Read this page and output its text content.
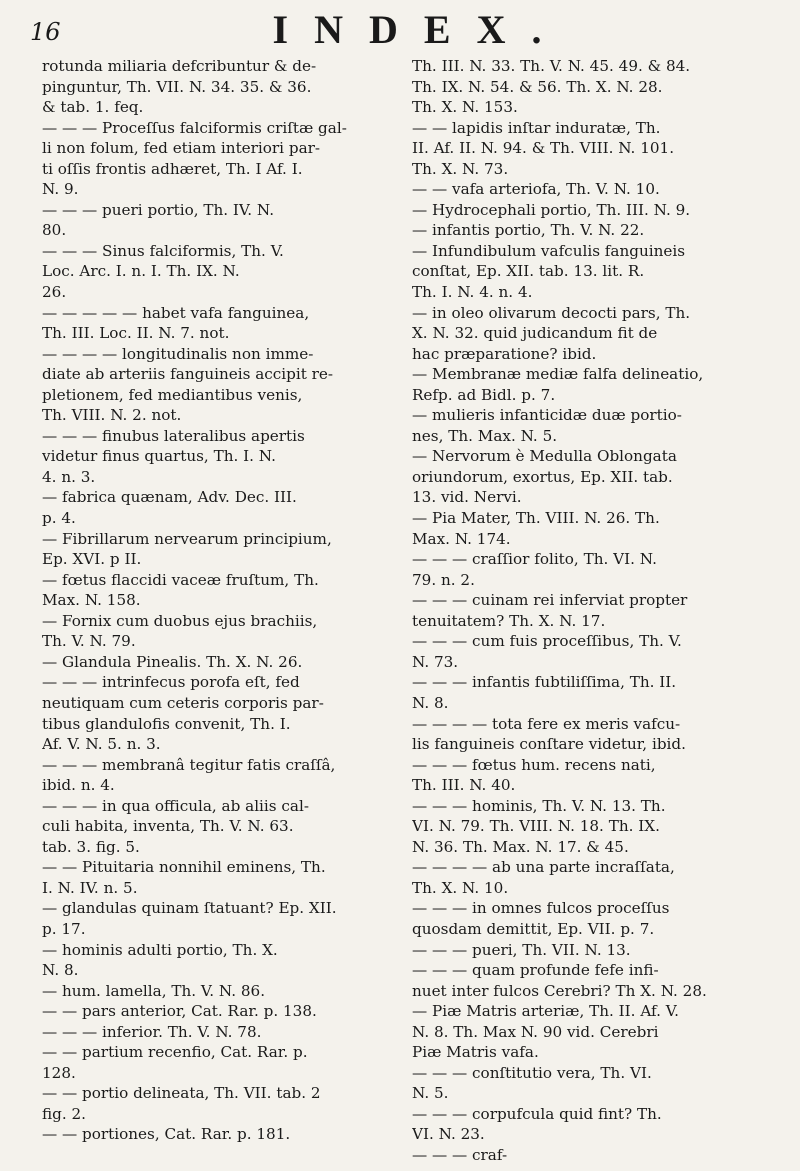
16	INDEX.
rotunda miliaria defcribuntur & de-
pinguntur, Th. VII. N. 34. 35. & 36.
& tab. 1. feq.
— — — Proceſſus falciformis criſtæ gal-
li non folum, fed etiam interiori par-
ti oſſis frontis adhæret, Th. I Af. I.
N. 9.
— — — pueri portio, Th. IV. N.
80.
— — — Sinus falciformis, Th. V.
Loc. Arc. I. n. I. Th. IX. N.
26.
— — — — — habet vafa fanguinea,
Th. III. Loc. II. N. 7. not.
— — — — longitudinalis non imme-
diate ab arteriis fanguineis accipit re-
pletionem, fed mediantibus venis,
Th. VIII. N. 2. not.
— — — finubus lateralibus apertis
videtur finus quartus, Th. I. N.
4. n. 3.
— fabrica quænam, Adv. Dec. III.
p. 4.
— Fibrillarum nervearum principium,
Ep. XVI. p II.
— fœtus flaccidi vaceæ fruſtum, Th.
Max. N. 158.
— Fornix cum duobus ejus brachiis,
Th. V. N. 79.
— Glandula Pinealis. Th. X. N. 26.
— — — intrinfecus porofa eſt, fed
neutiquam cum ceteris corporis par-
tibus glandulofis convenit, Th. I.
Af. V. N. 5. n. 3.
— — — membranâ tegitur fatis craſſâ,
ibid. n. 4.
— — — in qua officula, ab aliis cal-
culi habita, inventa, Th. V. N. 63.
tab. 3. fig. 5.
— — Pituitaria nonnihil eminens, Th.
I. N. IV. n. 5.
— glandulas quinam ſtatuant? Ep. XII.
p. 17.
— hominis adulti portio, Th. X.
N. 8.
— hum. lamella, Th. V. N. 86.
— — pars anterior, Cat. Rar. p. 138.
— — — inferior. Th. V. N. 78.
— — partium recenfio, Cat. Rar. p.
128.
— — portio delineata, Th. VII. tab. 2
fig. 2.
— — portiones, Cat. Rar. p. 181.
Th. III. N. 33. Th. V. N. 45. 49. & 84.
Th. IX. N. 54. & 56. Th. X. N. 28.
Th. X. N. 153.
— — lapidis inſtar induratæ, Th.
II. Af. II. N. 94. & Th. VIII. N. 101.
Th. X. N. 73.
— — vafa arteriofa, Th. V. N. 10.
— Hydrocephali portio, Th. III. N. 9.
— infantis portio, Th. V. N. 22.
— Infundibulum vafculis fanguineis
conſtat, Ep. XII. tab. 13. lit. R.
Th. I. N. 4. n. 4.
— in oleo olivarum decocti pars, Th.
X. N. 32. quid judicandum fit de
hac præparatione? ibid.
— Membranæ mediæ falfa delineatio,
Refp. ad Bidl. p. 7.
— mulieris infanticidæ duæ portio-
nes, Th. Max. N. 5.
— Nervorum è Medulla Oblongata
oriundorum, exortus, Ep. XII. tab.
13. vid. Nervi.
— Pia Mater, Th. VIII. N. 26. Th.
Max. N. 174.
— — — craſſior folito, Th. VI. N.
79. n. 2.
— — — cuinam rei inferviat propter
tenuitatem? Th. X. N. 17.
— — — cum fuis proceſſibus, Th. V.
N. 73.
— — — infantis fubtiliſſima, Th. II.
N. 8.
— — — — tota fere ex meris vafcu-
lis fanguineis conſtare videtur, ibid.
— — — fœtus hum. recens nati,
Th. III. N. 40.
— — — hominis, Th. V. N. 13. Th.
VI. N. 79. Th. VIII. N. 18. Th. IX.
N. 36. Th. Max. N. 17. & 45.
— — — — ab una parte incraſſata,
Th. X. N. 10.
— — — in omnes fulcos proceſſus
quosdam demittit, Ep. VII. p. 7.
— — — pueri, Th. VII. N. 13.
— — — quam profunde fefe infi-
nuet inter fulcos Cerebri? Th X. N. 28.
— Piæ Matris arteriæ, Th. II. Af. V.
N. 8. Th. Max N. 90 vid. Cerebri
Piæ Matris vafa.
— — — conſtitutio vera, Th. VI.
N. 5.
— — — corpufcula quid fint? Th.
VI. N. 23.
— — — craf-
